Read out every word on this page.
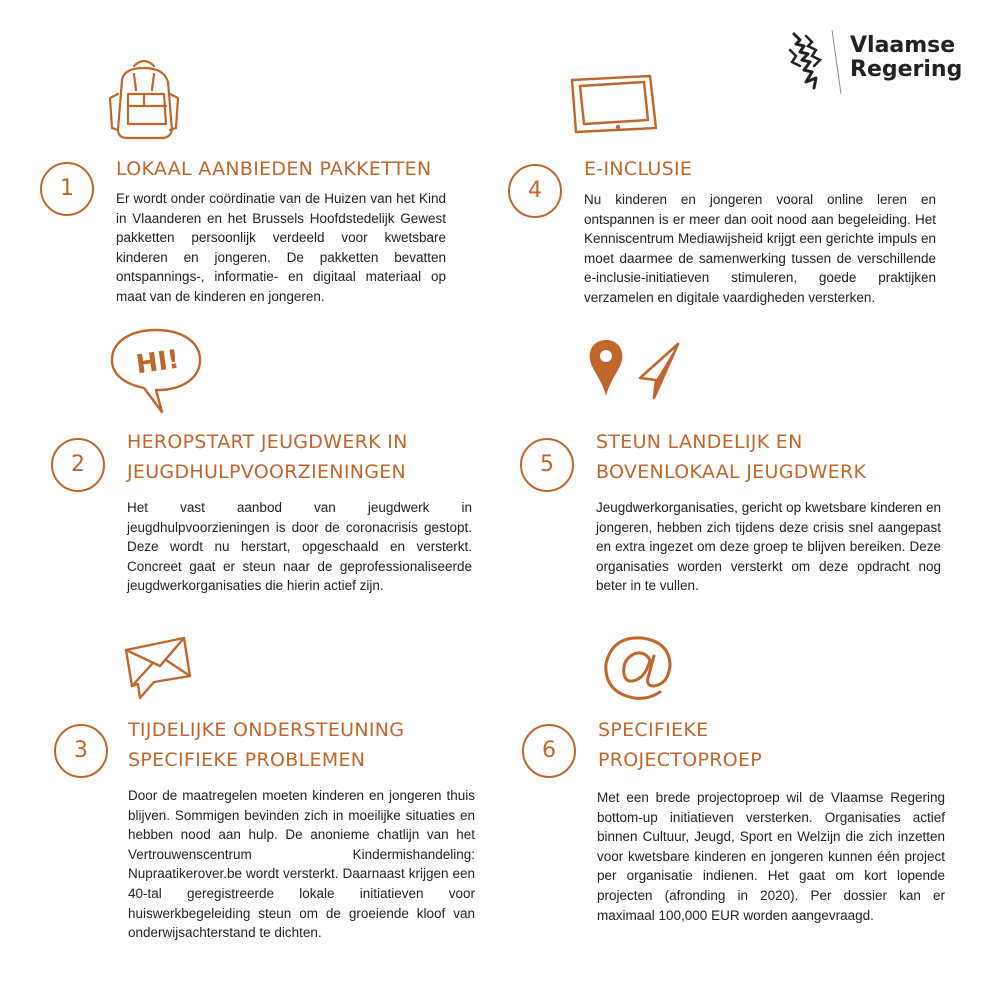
Vlaamse
Regering
1
LOKAAL AANBIEDEN PAKKETTEN
Er wordt onder coördinatie van de Huizen van het Kind in Vlaanderen en het Brussels Hoofdstedelijk Gewest pakketten persoonlijk verdeeld voor kwetsbare kinderen en jongeren. De pakketten bevatten ontspannings-, informatie- en digitaal materiaal op maat van de kinderen en jongeren.
HI!
2
HEROPSTART JEUGDWERK IN
JEUGDHULPVOORZIENINGEN
Het vast aanbod van jeugdwerk in jeugdhulpvoorzieningen is door de coronacrisis gestopt. Deze wordt nu herstart, opgeschaald en versterkt. Concreet gaat er steun naar de geprofessionaliseerde jeugdwerkorganisaties die hierin actief zijn.
3
TIJDELIJKE ONDERSTEUNING
SPECIFIEKE PROBLEMEN
Door de maatregelen moeten kinderen en jongeren thuis blijven. Sommigen bevinden zich in moeilijke situaties en hebben nood aan hulp. De anonieme chatlijn van het Vertrouwenscentrum Kindermishandeling: Nupraatikerover.be wordt versterkt. Daarnaast krijgen een 40-tal geregistreerde lokale initiatieven voor huiswerkbegeleiding steun om de groeiende kloof van onderwijsachterstand te dichten.
4
E-INCLUSIE
Nu kinderen en jongeren vooral online leren en ontspannen is er meer dan ooit nood aan begeleiding. Het Kenniscentrum Mediawijsheid krijgt een gerichte impuls en moet daarmee de samenwerking tussen de verschillende e-inclusie-initiatieven stimuleren, goede praktijken verzamelen en digitale vaardigheden versterken.
5
STEUN LANDELIJK EN
BOVENLOKAAL JEUGDWERK
Jeugdwerkorganisaties, gericht op kwetsbare kinderen en jongeren, hebben zich tijdens deze crisis snel aangepast en extra ingezet om deze groep te blijven bereiken. Deze organisaties worden versterkt om deze opdracht nog beter in te vullen.
6
SPECIFIEKE
PROJECTOPROEP
Met een brede projectoproep wil de Vlaamse Regering bottom-up initiatieven versterken. Organisaties actief binnen Cultuur, Jeugd, Sport en Welzijn die zich inzetten voor kwetsbare kinderen en jongeren kunnen één project per organisatie indienen. Het gaat om kort lopende projecten (afronding in 2020). Per dossier kan er maximaal 100,000 EUR worden aangevraagd.
